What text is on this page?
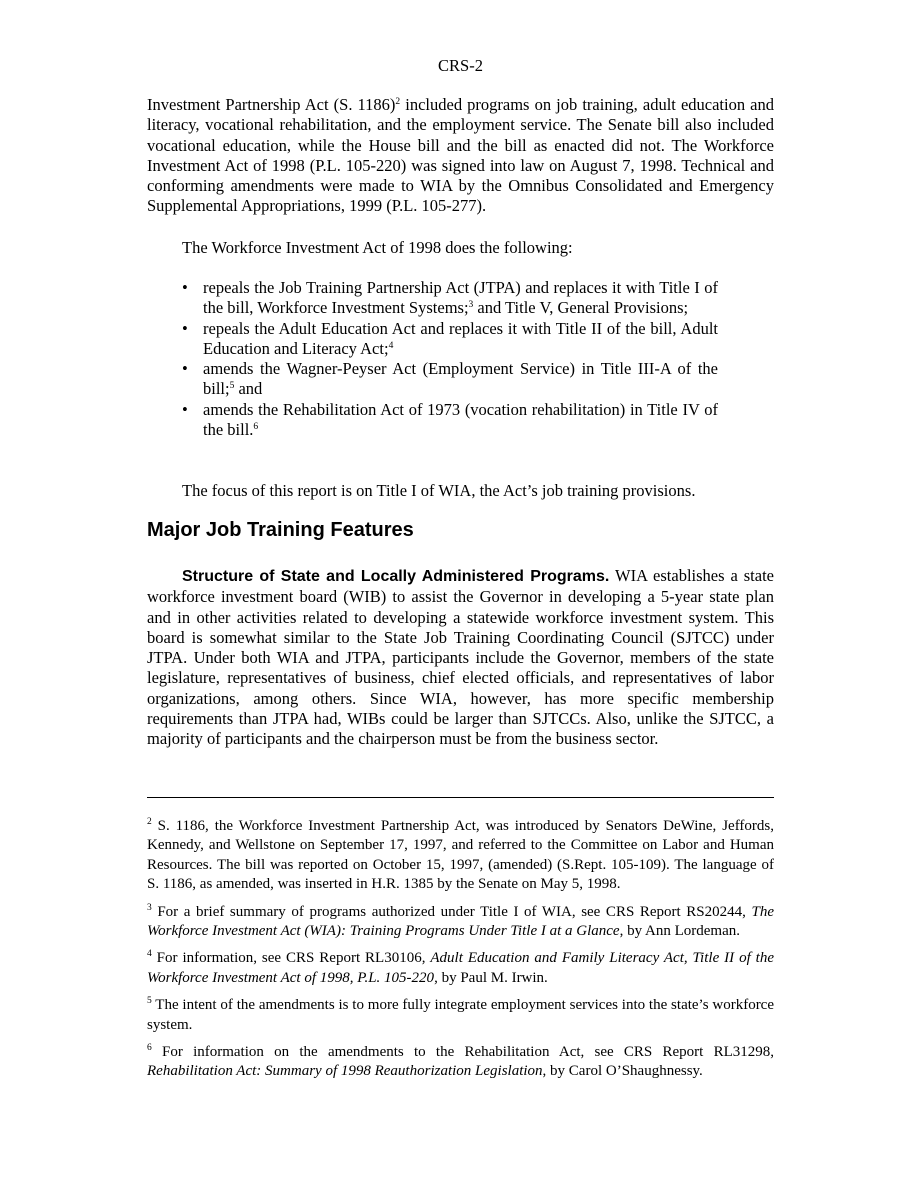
CRS-2

Investment Partnership Act (S. 1186)$^2$ included programs on job training, adult education and literacy, vocational rehabilitation, and the employment service. The Senate bill also included vocational education, while the House bill and the bill as enacted did not. The Workforce Investment Act of 1998 (P.L. 105-220) was signed into law on August 7, 1998. Technical and conforming amendments were made to WIA by the Omnibus Consolidated and Emergency Supplemental Appropriations, 1999 (P.L. 105-277).

The Workforce Investment Act of 1998 does the following:

• repeals the Job Training Partnership Act (JTPA) and replaces it with Title I of the bill, Workforce Investment Systems;$^3$ and Title V, General Provisions;
• repeals the Adult Education Act and replaces it with Title II of the bill, Adult Education and Literacy Act;$^4$
• amends the Wagner-Peyser Act (Employment Service) in Title III-A of the bill;$^5$ and
• amends the Rehabilitation Act of 1973 (vocation rehabilitation) in Title IV of the bill.$^6$

The focus of this report is on Title I of WIA, the Act’s job training provisions.

Major Job Training Features

Structure of State and Locally Administered Programs. WIA establishes a state workforce investment board (WIB) to assist the Governor in developing a 5-year state plan and in other activities related to developing a statewide workforce investment system. This board is somewhat similar to the State Job Training Coordinating Council (SJTCC) under JTPA. Under both WIA and JTPA, participants include the Governor, members of the state legislature, representatives of business, chief elected officials, and representatives of labor organizations, among others. Since WIA, however, has more specific membership requirements than JTPA had, WIBs could be larger than SJTCCs. Also, unlike the SJTCC, a majority of participants and the chairperson must be from the business sector.

$^2$ S. 1186, the Workforce Investment Partnership Act, was introduced by Senators DeWine, Jeffords, Kennedy, and Wellstone on September 17, 1997, and referred to the Committee on Labor and Human Resources. The bill was reported on October 15, 1997, (amended) (S.Rept. 105-109). The language of S. 1186, as amended, was inserted in H.R. 1385 by the Senate on May 5, 1998.

$^3$ For a brief summary of programs authorized under Title I of WIA, see CRS Report RS20244, The Workforce Investment Act (WIA): Training Programs Under Title I at a Glance, by Ann Lordeman.

$^4$ For information, see CRS Report RL30106, Adult Education and Family Literacy Act, Title II of the Workforce Investment Act of 1998, P.L. 105-220, by Paul M. Irwin.

$^5$ The intent of the amendments is to more fully integrate employment services into the state’s workforce system.

$^6$ For information on the amendments to the Rehabilitation Act, see CRS Report RL31298, Rehabilitation Act: Summary of 1998 Reauthorization Legislation, by Carol O’Shaughnessy.
